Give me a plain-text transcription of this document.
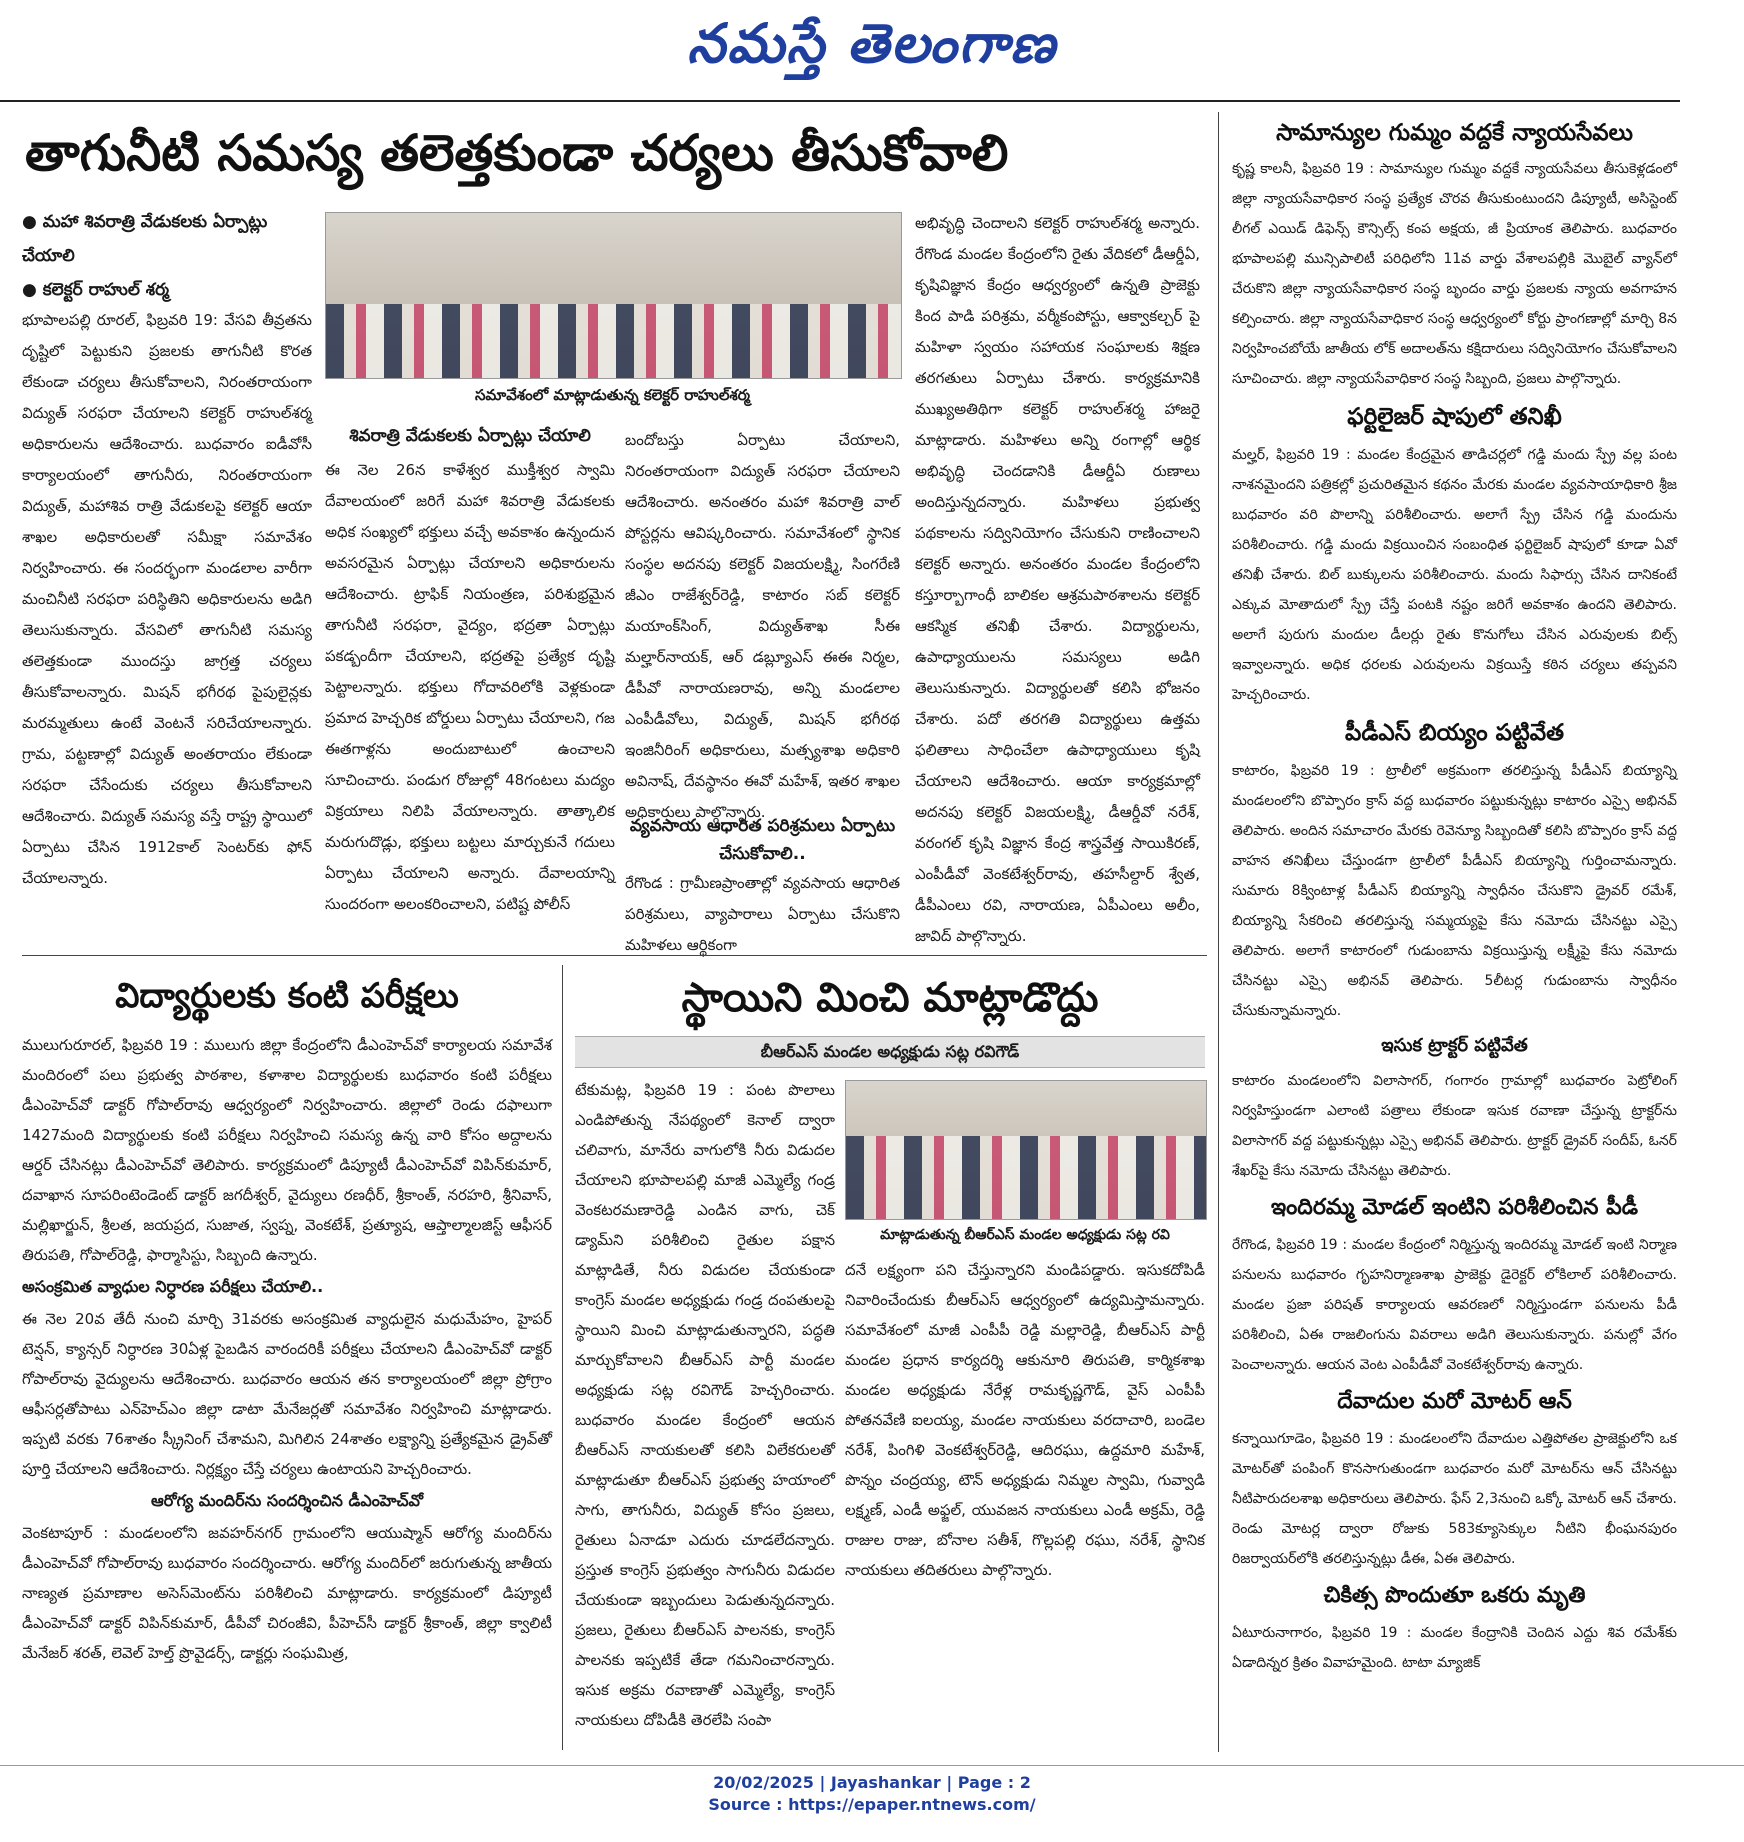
నమస్తే తెలంగాణ
తాగునీటి సమస్య తలెత్తకుండా చర్యలు తీసుకోవాలి
● మహా శివరాత్రి వేడుకలకు ఏర్పాట్లు చేయాలి
● కలెక్టర్ రాహుల్ శర్మ
భూపాలపల్లి రూరల్, ఫిబ్రవరి 19: వేసవి తీవ్రతను దృష్టిలో పెట్టుకుని ప్రజలకు తాగునీటి కొరత లేకుండా చర్యలు తీసుకోవాలని, నిరంతరాయంగా విద్యుత్ సరఫరా చేయాలని కలెక్టర్ రాహుల్‌శర్మ అధికారులను ఆదేశించారు. బుధవారం ఐడీవోసీ కార్యాలయంలో తాగునీరు, నిరంతరాయంగా విద్యుత్, మహాశివ రాత్రి వేడుకలపై కలెక్టర్ ఆయా శాఖల అధికారులతో సమీక్షా సమావేశం నిర్వహించారు. ఈ సందర్భంగా మండలాల వారీగా మంచినీటి సరఫరా పరిస్థితిని అధికారులను అడిగి తెలుసుకున్నారు. వేసవిలో తాగునీటి సమస్య తలెత్తకుండా ముందస్తు జాగ్రత్త చర్యలు తీసుకోవాలన్నారు. మిషన్ భగీరథ పైపులైన్లకు మరమ్మతులు ఉంటే వెంటనే సరిచేయాలన్నారు. గ్రామ, పట్టణాల్లో విద్యుత్ అంతరాయం లేకుండా సరఫరా చేసేందుకు చర్యలు తీసుకోవాలని ఆదేశించారు. విద్యుత్ సమస్య వస్తే రాష్ట్ర స్థాయిలో ఏర్పాటు చేసిన 1912కాల్ సెంటర్‌కు ఫోన్ చేయాలన్నారు.
సమావేశంలో మాట్లాడుతున్న కలెక్టర్ రాహుల్‌శర్మ
శివరాత్రి వేడుకలకు ఏర్పాట్లు చేయాలి
ఈ నెల 26న కాళేశ్వర ముక్తీశ్వర స్వామి దేవాలయంలో జరిగే మహా శివరాత్రి వేడుకలకు అధిక సంఖ్యలో భక్తులు వచ్చే అవకాశం ఉన్నందున అవసరమైన ఏర్పాట్లు చేయాలని అధికారులను ఆదేశించారు. ట్రాఫిక్ నియంత్రణ, పరిశుభ్రమైన తాగునీటి సరఫరా, వైద్యం, భద్రతా ఏర్పాట్లు పకడ్బందీగా చేయాలని, భద్రతపై ప్రత్యేక దృష్టి పెట్టాలన్నారు. భక్తులు గోదావరిలోకి వెళ్లకుండా ప్రమాద హెచ్చరిక బోర్డులు ఏర్పాటు చేయాలని, గజ ఈతగాళ్లను అందుబాటులో ఉంచాలని సూచించారు. పండుగ రోజుల్లో 48గంటలు మద్యం విక్రయాలు నిలిపి వేయాలన్నారు. తాత్కాలిక మరుగుదొడ్లు, భక్తులు బట్టలు మార్చుకునే గదులు ఏర్పాటు చేయాలని అన్నారు. దేవాలయాన్ని సుందరంగా అలంకరించాలని, పటిష్ట పోలీస్
బందోబస్తు ఏర్పాటు చేయాలని, నిరంతరాయంగా విద్యుత్ సరఫరా చేయాలని ఆదేశించారు. అనంతరం మహా శివరాత్రి వాల్ పోస్టర్లను ఆవిష్కరించారు. సమావేశంలో స్థానిక సంస్థల అదనపు కలెక్టర్ విజయలక్ష్మి, సింగరేణి జీఎం రాజేశ్వర్‌రెడ్డి, కాటారం సబ్ కలెక్టర్ మయాంక్‌సింగ్, విద్యుత్‌శాఖ సీఈ మల్హార్‌నాయక్, ఆర్ డబ్ల్యూఎస్ ఈఈ నిర్మల, డీపీవో నారాయణరావు, అన్ని మండలాల ఎంపీడీవోలు, విద్యుత్, మిషన్ భగీరథ ఇంజినీరింగ్ అధికారులు, మత్స్యశాఖ అధికారి అవినాష్, దేవస్థానం ఈవో మహేశ్, ఇతర శాఖల అధికారులు పాల్గొన్నారు.
వ్యవసాయ ఆధారిత పరిశ్రమలు ఏర్పాటు చేసుకోవాలి..
రేగొండ : గ్రామీణప్రాంతాల్లో వ్యవసాయ ఆధారిత పరిశ్రమలు, వ్యాపారాలు ఏర్పాటు చేసుకొని మహిళలు ఆర్థికంగా
అభివృద్ధి చెందాలని కలెక్టర్ రాహుల్‌శర్మ అన్నారు. రేగొండ మండల కేంద్రంలోని రైతు వేదికలో డీఆర్డీఏ, కృషివిజ్ఞాన కేంద్రం ఆధ్వర్యంలో ఉన్నతి ప్రాజెక్టు కింద పాడి పరిశ్రమ, వర్మీకంపోస్టు, ఆక్వాకల్చర్ పై మహిళా స్వయం సహాయక సంఘాలకు శిక్షణ తరగతులు ఏర్పాటు చేశారు. కార్యక్రమానికి ముఖ్యఅతిథిగా కలెక్టర్ రాహుల్‌శర్మ హాజరై మాట్లాడారు. మహిళలు అన్ని రంగాల్లో ఆర్థిక అభివృద్ధి చెందడానికి డీఆర్డీఏ రుణాలు అందిస్తున్నదన్నారు. మహిళలు ప్రభుత్వ పథకాలను సద్వినియోగం చేసుకుని రాణించాలని కలెక్టర్ అన్నారు. అనంతరం మండల కేంద్రంలోని కస్తూర్బాగాంధీ బాలికల ఆశ్రమపాఠశాలను కలెక్టర్ ఆకస్మిక తనిఖీ చేశారు. విద్యార్థులను, ఉపాధ్యాయులను సమస్యలు అడిగి తెలుసుకున్నారు. విద్యార్థులతో కలిసి భోజనం చేశారు. పదో తరగతి విద్యార్థులు ఉత్తమ ఫలితాలు సాధించేలా ఉపాధ్యాయులు కృషి చేయాలని ఆదేశించారు. ఆయా కార్యక్రమాల్లో అదనపు కలెక్టర్ విజయలక్ష్మి, డీఆర్డీవో నరేశ్, వరంగల్ కృషి విజ్ఞాన కేంద్ర శాస్త్రవేత్త సాయికిరణ్, ఎంపీడీవో వెంకటేశ్వర్‌రావు, తహసీల్దార్ శ్వేత, డీపీఎంలు రవి, నారాయణ, ఏపీఎంలు అలీం, జావిద్ పాల్గొన్నారు.
సామాన్యుల గుమ్మం వద్దకే న్యాయసేవలు
కృష్ణ కాలనీ, ఫిబ్రవరి 19 : సామాన్యుల గుమ్మం వద్దకే న్యాయసేవలు తీసుకెళ్లడంలో జిల్లా న్యాయసేవాధికార సంస్థ ప్రత్యేక చొరవ తీసుకుంటుందని డిప్యూటీ, అసిస్టెంట్ లీగల్ ఎయిడ్ డిఫెన్స్ కౌన్సిల్స్ కంప అక్షయ, జీ ప్రియాంక తెలిపారు. బుధవారం భూపాలపల్లి మున్సిపాలిటీ పరిధిలోని 11వ వార్డు వేశాలపల్లికి మొబైల్ వ్యాన్‌లో చేరుకొని జిల్లా న్యాయసేవాధికార సంస్థ బృందం వార్డు ప్రజలకు న్యాయ అవగాహన కల్పించారు. జిల్లా న్యాయసేవాధికార సంస్థ ఆధ్వర్యంలో కోర్టు ప్రాంగణాల్లో మార్చి 8న నిర్వహించబోయే జాతీయ లోక్ అదాలత్‌ను కక్షిదారులు సద్వినియోగం చేసుకోవాలని సూచించారు. జిల్లా న్యాయసేవాధికార సంస్థ సిబ్బంది, ప్రజలు పాల్గొన్నారు.
ఫర్టిలైజర్ షాపులో తనిఖీ
మల్హర్, ఫిబ్రవరి 19 : మండల కేంద్రమైన తాడిచర్లలో గడ్డి మందు స్ప్రే వల్ల పంట నాశనమైందని పత్రికల్లో ప్రచురితమైన కథనం మేరకు మండల వ్యవసాయాధికారి శ్రీజ బుధవారం వరి పొలాన్ని పరిశీలించారు. అలాగే స్ప్రే చేసిన గడ్డి మందును పరిశీలించారు. గడ్డి మందు విక్రయించిన సంబంధిత ఫర్టిలైజర్ షాపులో కూడా ఏవో తనిఖీ చేశారు. బిల్ బుక్కులను పరిశీలించారు. మందు సిఫార్సు చేసిన దానికంటే ఎక్కువ మోతాదులో స్ప్రే చేస్తే పంటకి నష్టం జరిగే అవకాశం ఉందని తెలిపారు. అలాగే పురుగు మందుల డీలర్లు రైతు కొనుగోలు చేసిన ఎరువులకు బిల్స్ ఇవ్వాలన్నారు. అధిక ధరలకు ఎరువులను విక్రయిస్తే కఠిన చర్యలు తప్పవని హెచ్చరించారు.
పీడీఎస్ బియ్యం పట్టివేత
కాటారం, ఫిబ్రవరి 19 : ట్రాలీలో అక్రమంగా తరలిస్తున్న పీడీఎస్ బియ్యాన్ని మండలంలోని బొప్పారం క్రాస్ వద్ద బుధవారం పట్టుకున్నట్లు కాటారం ఎస్సై అభినవ్ తెలిపారు. అందిన సమాచారం మేరకు రెవెన్యూ సిబ్బందితో కలిసి బొప్పారం క్రాస్ వద్ద వాహన తనిఖీలు చేస్తుండగా ట్రాలీలో పీడీఎస్ బియ్యాన్ని గుర్తించామన్నారు. సుమారు 8క్వింటాళ్ల పీడీఎస్ బియ్యాన్ని స్వాధీనం చేసుకొని డ్రైవర్ రమేశ్, బియ్యాన్ని సేకరించి తరలిస్తున్న సమ్మయ్యపై కేసు నమోదు చేసినట్టు ఎస్సై తెలిపారు. అలాగే కాటారంలో గుడుంబాను విక్రయిస్తున్న లక్ష్మీపై కేసు నమోదు చేసినట్టు ఎస్సై అభినవ్ తెలిపారు. 5లీటర్ల గుడుంబాను స్వాధీనం చేసుకున్నామన్నారు.
ఇసుక ట్రాక్టర్ పట్టివేత
కాటారం మండలంలోని విలాసాగర్, గంగారం గ్రామాల్లో బుధవారం పెట్రోలింగ్ నిర్వహిస్తుండగా ఎలాంటి పత్రాలు లేకుండా ఇసుక రవాణా చేస్తున్న ట్రాక్టర్‌ను విలాసాగర్ వద్ద పట్టుకున్నట్లు ఎస్సై అభినవ్ తెలిపారు. ట్రాక్టర్ డ్రైవర్ సందీప్, ఓనర్ శేఖర్‌పై కేసు నమోదు చేసినట్టు తెలిపారు.
ఇందిరమ్మ మోడల్ ఇంటిని పరిశీలించిన పీడీ
రేగొండ, ఫిబ్రవరి 19 : మండల కేంద్రంలో నిర్మిస్తున్న ఇందిరమ్మ మోడల్ ఇంటి నిర్మాణ పనులను బుధవారం గృహనిర్మాణశాఖ ప్రాజెక్టు డైరెక్టర్ లోకిలాల్ పరిశీలించారు. మండల ప్రజా పరిషత్ కార్యాలయ ఆవరణలో నిర్మిస్తుండగా పనులను పీడీ పరిశీలించి, ఏఈ రాజలింగును వివరాలు అడిగి తెలుసుకున్నారు. పనుల్లో వేగం పెంచాలన్నారు. ఆయన వెంట ఎంపీడీవో వెంకటేశ్వర్‌రావు ఉన్నారు.
దేవాదుల మరో మోటర్ ఆన్
కన్నాయిగూడెం, ఫిబ్రవరి 19 : మండలంలోని దేవాదుల ఎత్తిపోతల ప్రాజెక్టులోని ఒక మోటర్‌తో పంపింగ్ కొనసాగుతుండగా బుధవారం మరో మోటర్‌ను ఆన్ చేసినట్టు నీటిపారుదలశాఖ అధికారులు తెలిపారు. ఫేస్ 2,3నుంచి ఒక్కో మోటర్ ఆన్ చేశారు. రెండు మోటర్ల ద్వారా రోజుకు 583క్యూసెక్కుల నీటిని భీంఘనపురం రిజర్వాయర్‌లోకి తరలిస్తున్నట్లు డీఈ, ఏఈ తెలిపారు.
చికిత్స పొందుతూ ఒకరు మృతి
ఏటూరునాగారం, ఫిబ్రవరి 19 : మండల కేంద్రానికి చెందిన ఎద్దు శివ రమేశ్‌కు ఏడాదిన్నర క్రితం వివాహమైంది. టాటా మ్యాజిక్
విద్యార్థులకు కంటి పరీక్షలు
ములుగురూరల్, ఫిబ్రవరి 19 : ములుగు జిల్లా కేంద్రంలోని డీఎంహెచ్‌వో కార్యాలయ సమావేశ మందిరంలో పలు ప్రభుత్వ పాఠశాల, కళాశాల విద్యార్థులకు బుధవారం కంటి పరీక్షలు డీఎంహెచ్‌వో డాక్టర్ గోపాల్‌రావు ఆధ్వర్యంలో నిర్వహించారు. జిల్లాలో రెండు దఫాలుగా 1427మంది విద్యార్థులకు కంటి పరీక్షలు నిర్వహించి సమస్య ఉన్న వారి కోసం అద్దాలను ఆర్డర్ చేసినట్లు డీఎంహెచ్‌వో తెలిపారు. కార్యక్రమంలో డిప్యూటీ డీఎంహెచ్‌వో విపిన్‌కుమార్, దవాఖాన సూపరింటెండెంట్ డాక్టర్ జగదీశ్వర్, వైద్యులు రణధీర్, శ్రీకాంత్, నరహరి, శ్రీనివాస్, మల్లిఖార్జున్, శ్రీలత, జయప్రద, సుజాత, స్వప్న, వెంకటేశ్, ప్రత్యూష, ఆప్తాల్మాలజిస్ట్ ఆఫీసర్ తిరుపతి, గోపాల్‌రెడ్డి, ఫార్మాసిస్టు, సిబ్బంది ఉన్నారు.
అసంక్రమిత వ్యాధుల నిర్ధారణ పరీక్షలు చేయాలి..
ఈ నెల 20వ తేదీ నుంచి మార్చి 31వరకు అసంక్రమిత వ్యాధులైన మధుమేహం, హైపర్ టెన్షన్, క్యాన్సర్ నిర్ధారణ 30ఏళ్ల పైబడిన వారందరికీ పరీక్షలు చేయాలని డీఎంహెచ్‌వో డాక్టర్ గోపాల్‌రావు వైద్యులను ఆదేశించారు. బుధవారం ఆయన తన కార్యాలయంలో జిల్లా ప్రోగ్రాం ఆఫీసర్లతోపాటు ఎన్‌హెచ్‌ఎం జిల్లా డాటా మేనేజర్లతో సమావేశం నిర్వహించి మాట్లాడారు. ఇప్పటి వరకు 76శాతం స్క్రీనింగ్ చేశామని, మిగిలిన 24శాతం లక్ష్యాన్ని ప్రత్యేకమైన డ్రైవ్‌తో పూర్తి చేయాలని ఆదేశించారు. నిర్లక్ష్యం చేస్తే చర్యలు ఉంటాయని హెచ్చరించారు.
ఆరోగ్య మందిర్‌ను సందర్శించిన డీఎంహెచ్‌వో
వెంకటాపూర్ : మండలంలోని జవహర్‌నగర్ గ్రామంలోని ఆయుష్మాన్ ఆరోగ్య మందిర్‌ను డీఎంహెచ్‌వో గోపాల్‌రావు బుధవారం సందర్శించారు. ఆరోగ్య మందిర్‌లో జరుగుతున్న జాతీయ నాణ్యత ప్రమాణాల అసెస్‌మెంట్‌ను పరిశీలించి మాట్లాడారు. కార్యక్రమంలో డిప్యూటీ డీఎంహెచ్‌వో డాక్టర్ విపిన్‌కుమార్, డీపీవో చిరంజీవి, పీహెచ్‌సీ డాక్టర్ శ్రీకాంత్, జిల్లా క్వాలిటీ మేనేజర్ శరత్, లెవెల్ హెల్త్ ప్రొవైడర్స్, డాక్టర్లు సంఘమిత్ర,
స్థాయిని మించి మాట్లాడొద్దు
బీఆర్ఎస్ మండల అధ్యక్షుడు సట్ల రవిగౌడ్
టేకుమట్ల, ఫిబ్రవరి 19 : పంట పొలాలు ఎండిపోతున్న నేపథ్యంలో కెనాల్ ద్వారా చలివాగు, మానేరు వాగులోకి నీరు విడుదల చేయాలని భూపాలపల్లి మాజీ ఎమ్మెల్యే గండ్ర వెంకటరమణారెడ్డి ఎండిన వాగు, చెక్ డ్యామ్‌ని పరిశీలించి రైతుల పక్షాన మాట్లాడితే, నీరు విడుదల చేయకుండా కాంగ్రెస్ మండల అధ్యక్షుడు గండ్ర దంపతులపై స్థాయిని మించి మాట్లాడుతున్నారని, పద్ధతి మార్చుకోవాలని బీఆర్ఎస్ పార్టీ మండల అధ్యక్షుడు సట్ల రవిగౌడ్ హెచ్చరించారు. బుధవారం మండల కేంద్రంలో ఆయన బీఆర్ఎస్ నాయకులతో కలిసి విలేకరులతో మాట్లాడుతూ బీఆర్ఎస్ ప్రభుత్వ హయాంలో సాగు, తాగునీరు, విద్యుత్ కోసం ప్రజలు, రైతులు ఏనాడూ ఎదురు చూడలేదన్నారు. ప్రస్తుత కాంగ్రెస్ ప్రభుత్వం సాగునీరు విడుదల చేయకుండా ఇబ్బందులు పెడుతున్నదన్నారు. ప్రజలు, రైతులు బీఆర్ఎస్ పాలనకు, కాంగ్రెస్ పాలనకు ఇప్పటికే తేడా గమనించారన్నారు. ఇసుక అక్రమ రవాణాతో ఎమ్మెల్యే, కాంగ్రెస్ నాయకులు దోపిడీకి తెరలేపి సంపా
మాట్లాడుతున్న బీఆర్ఎస్ మండల అధ్యక్షుడు సట్ల రవి
దనే లక్ష్యంగా పని చేస్తున్నారని మండిపడ్డారు. ఇసుకదోపిడీ నివారించేందుకు బీఆర్ఎస్ ఆధ్వర్యంలో ఉద్యమిస్తామన్నారు. సమావేశంలో మాజీ ఎంపీపీ రెడ్డి మల్లారెడ్డి, బీఆర్ఎస్ పార్టీ మండల ప్రధాన కార్యదర్శి ఆకునూరి తిరుపతి, కార్మికశాఖ మండల అధ్యక్షుడు నేరేళ్ల రామకృష్ణగౌడ్, వైస్ ఎంపీపీ పోతనవేణి ఐలయ్య, మండల నాయకులు వరదాచారి, బండెల నరేశ్, పింగిళి వెంకటేశ్వర్‌రెడ్డి, ఆదిరఘు, ఉద్దమారి మహేశ్, పొన్నం చంద్రయ్య, టౌన్ అధ్యక్షుడు నిమ్మల స్వామి, గువ్వాడి లక్ష్మణ్, ఎండీ అఫ్జల్, యువజన నాయకులు ఎండీ అక్రమ్, రెడ్డి రాజుల రాజు, బోనాల సతీశ్, గొల్లపల్లి రఘు, నరేశ్, స్థానిక నాయకులు తదితరులు పాల్గొన్నారు.
20/02/2025 | Jayashankar | Page : 2
Source : https://epaper.ntnews.com/
